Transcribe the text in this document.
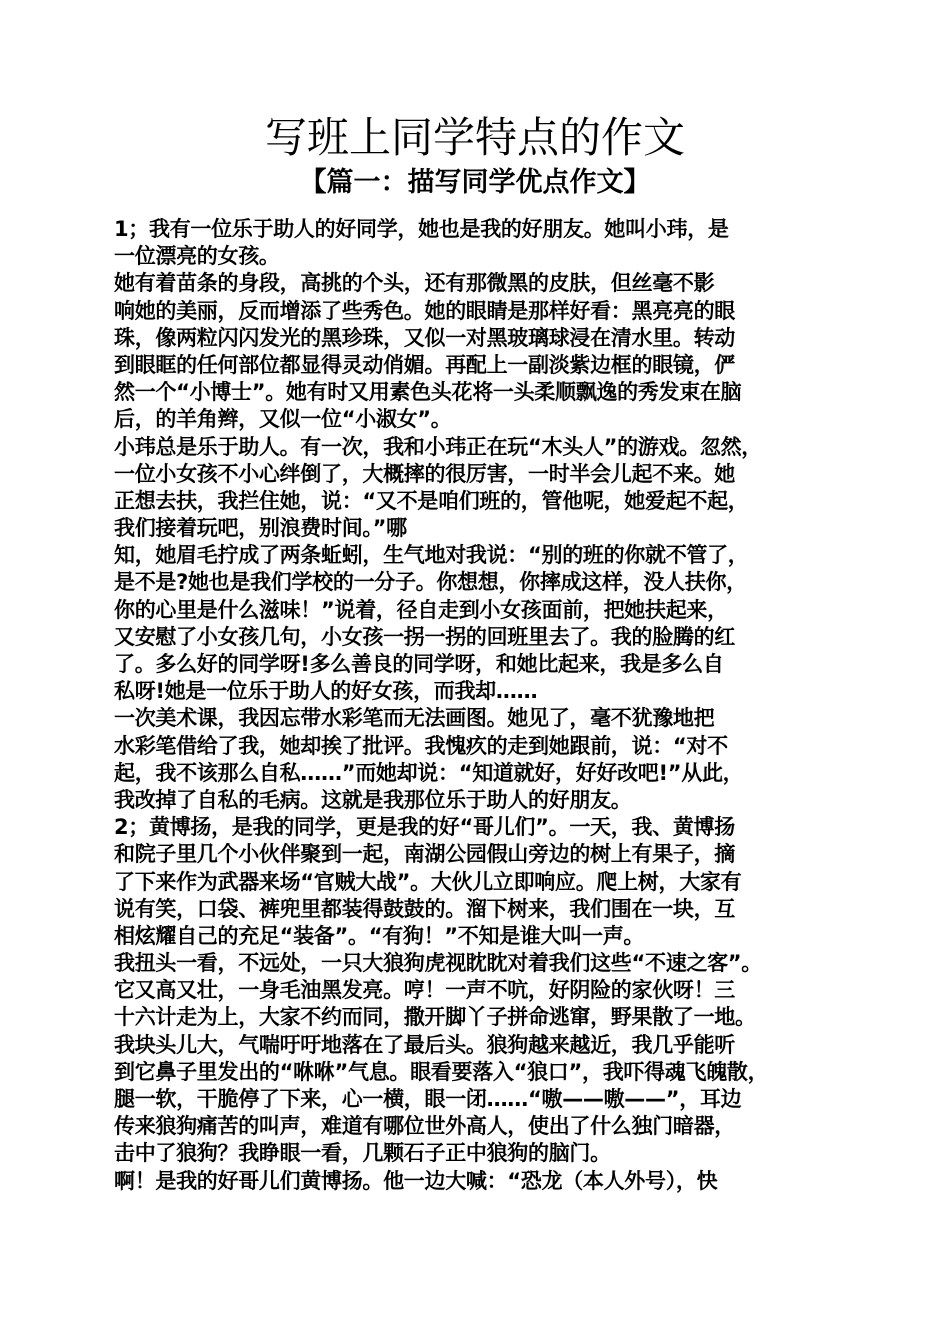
写班上同学特点的作文
【篇一：描写同学优点作文】
1；我有一位乐于助人的好同学，她也是我的好朋友。她叫小玮，是
一位漂亮的女孩。
她有着苗条的身段，高挑的个头，还有那微黑的皮肤，但丝毫不影
响她的美丽，反而增添了些秀色。她的眼睛是那样好看：黑亮亮的眼
珠，像两粒闪闪发光的黑珍珠，又似一对黑玻璃球浸在清水里。转动
到眼眶的任何部位都显得灵动俏媚。再配上一副淡紫边框的眼镜，俨
然一个“小博士”。她有时又用素色头花将一头柔顺飘逸的秀发束在脑
后，的羊角辫，又似一位“小淑女”。
小玮总是乐于助人。有一次，我和小玮正在玩“木头人”的游戏。忽然，
一位小女孩不小心绊倒了，大概摔的很厉害，一时半会儿起不来。她
正想去扶，我拦住她，说：“又不是咱们班的，管他呢，她爱起不起，
我们接着玩吧，别浪费时间。”哪
知，她眉毛拧成了两条蚯蚓，生气地对我说：“别的班的你就不管了，
是不是?她也是我们学校的一分子。你想想，你摔成这样，没人扶你，
你的心里是什么滋味！”说着，径自走到小女孩面前，把她扶起来，
又安慰了小女孩几句，小女孩一拐一拐的回班里去了。我的脸腾的红
了。多么好的同学呀!多么善良的同学呀，和她比起来，我是多么自
私呀!她是一位乐于助人的好女孩，而我却……
一次美术课，我因忘带水彩笔而无法画图。她见了，毫不犹豫地把
水彩笔借给了我，她却挨了批评。我愧疚的走到她跟前，说：“对不
起，我不该那么自私……”而她却说：“知道就好，好好改吧!”从此，
我改掉了自私的毛病。这就是我那位乐于助人的好朋友。
2；黄博扬，是我的同学，更是我的好“哥儿们”。一天，我、黄博扬
和院子里几个小伙伴聚到一起，南湖公园假山旁边的树上有果子，摘
了下来作为武器来场“官贼大战”。大伙儿立即响应。爬上树，大家有
说有笑，口袋、裤兜里都装得鼓鼓的。溜下树来，我们围在一块，互
相炫耀自己的充足“装备”。“有狗！”不知是谁大叫一声。
我扭头一看，不远处，一只大狼狗虎视眈眈对着我们这些“不速之客”。
它又高又壮，一身毛油黑发亮。哼！一声不吭，好阴险的家伙呀！三
十六计走为上，大家不约而同，撒开脚丫子拼命逃窜，野果散了一地。
我块头儿大，气喘吁吁地落在了最后头。狼狗越来越近，我几乎能听
到它鼻子里发出的“咻咻”气息。眼看要落入“狼口”，我吓得魂飞魄散，
腿一软，干脆停了下来，心一横，眼一闭……“嗷——嗷——”，耳边
传来狼狗痛苦的叫声，难道有哪位世外高人，使出了什么独门暗器，
击中了狼狗？我睁眼一看，几颗石子正中狼狗的脑门。
啊！是我的好哥儿们黄博扬。他一边大喊：“恐龙（本人外号），快
